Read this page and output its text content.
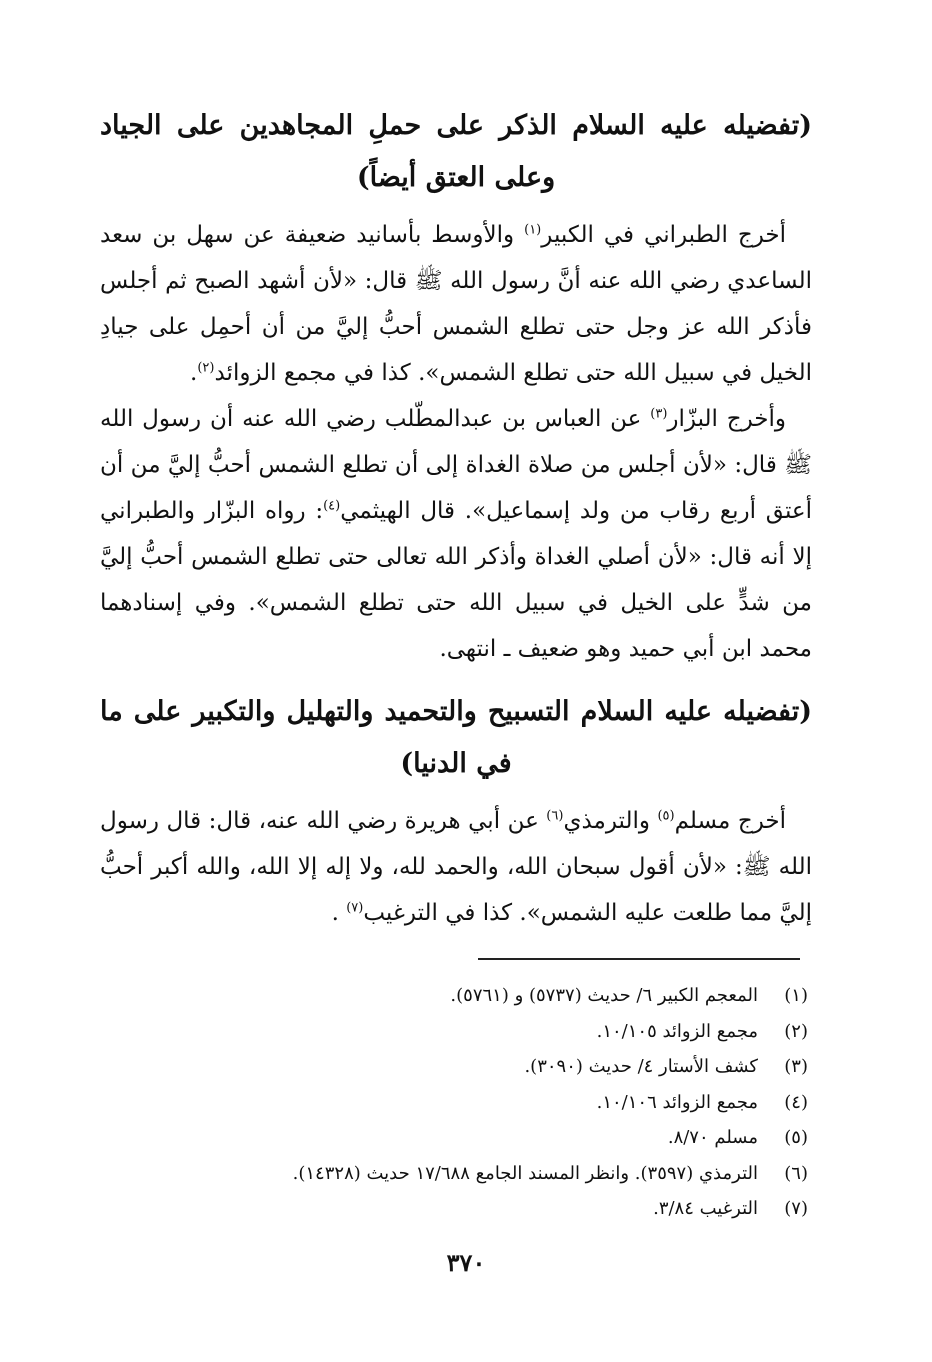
(تفضيله عليه السلام الذكر على حملِ المجاهدين على الجياد وعلى العتق أيضاً)

أخرج الطبراني في الكبير$^{(١)}$ والأوسط بأسانيد ضعيفة عن سهل بن سعد الساعدي رضي الله عنه أنَّ رسول الله ﷺ قال: «لأن أشهد الصبح ثم أجلس فأذكر الله عز وجل حتى تطلع الشمس أحبُّ إليَّ من أن أحمِل على جيادِ الخيل في سبيل الله حتى تطلع الشمس». كذا في مجمع الزوائد$^{(٢)}$.

وأخرج البزّار$^{(٣)}$ عن العباس بن عبدالمطّلب رضي الله عنه أن رسول الله ﷺ قال: «لأن أجلس من صلاة الغداة إلى أن تطلع الشمس أحبُّ إليَّ من أن أعتق أربع رقاب من ولد إسماعيل». قال الهيثمي$^{(٤)}$: رواه البزّار والطبراني إلا أنه قال: «لأن أصلي الغداة وأذكر الله تعالى حتى تطلع الشمس أحبُّ إليَّ من شدٍّ على الخيل في سبيل الله حتى تطلع الشمس». وفي إسنادهما محمد ابن أبي حميد وهو ضعيف ـ انتهى.

(تفضيله عليه السلام التسبيح والتحميد والتهليل والتكبير على ما في الدنيا)

أخرج مسلم$^{(٥)}$ والترمذي$^{(٦)}$ عن أبي هريرة رضي الله عنه، قال: قال رسول الله ﷺ: «لأن أقول سبحان الله، والحمد لله، ولا إله إلا الله، والله أكبر أحبُّ إليَّ مما طلعت عليه الشمس». كذا في الترغيب$^{(٧)}$ .

(١)
المعجم الكبير ٦/ حديث (٥٧٣٧) و (٥٧٦١).
(٢)
مجمع الزوائد ١٠/١٠٥.
(٣)
كشف الأستار ٤/ حديث (٣٠٩٠).
(٤)
مجمع الزوائد ١٠/١٠٦.
(٥)
مسلم ٨/٧٠.
(٦)
الترمذي (٣٥٩٧). وانظر المسند الجامع ١٧/٦٨٨ حديث (١٤٣٢٨).
(٧)
الترغيب ٣/٨٤.
٣٧٠
